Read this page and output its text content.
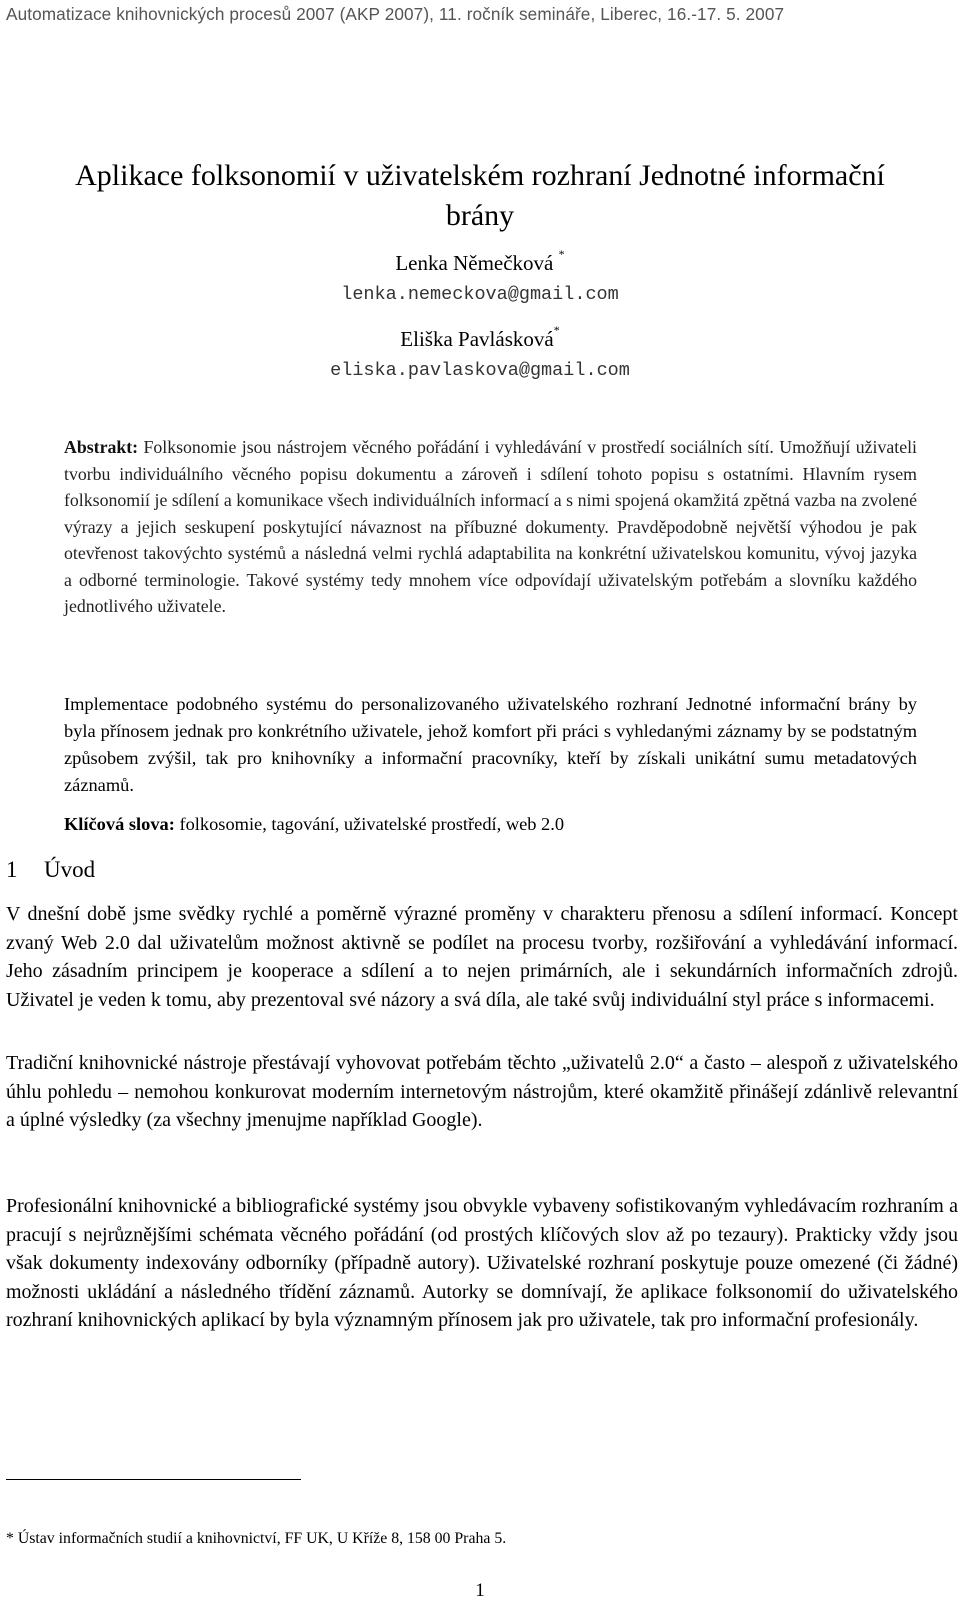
Automatizace knihovnických procesů 2007 (AKP 2007), 11. ročník semináře, Liberec, 16.-17. 5. 2007
Aplikace folksonomií v uživatelském rozhraní Jednotné informační brány
Lenka Němečková *
lenka.nemeckova@gmail.com
Eliška Pavlásková*
eliska.pavlaskova@gmail.com
Abstrakt: Folksonomie jsou nástrojem věcného pořádání i vyhledávání v prostředí sociálních sítí. Umožňují uživateli tvorbu individuálního věcného popisu dokumentu a zároveň i sdílení tohoto popisu s ostatními. Hlavním rysem folksonomií je sdílení a komunikace všech individuálních informací a s nimi spojená okamžitá zpětná vazba na zvolené výrazy a jejich seskupení poskytující návaznost na příbuzné dokumenty. Pravděpodobně největší výhodou je pak otevřenost takovýchto systémů a následná velmi rychlá adaptabilita na konkrétní uživatelskou komunitu, vývoj jazyka a odborné terminologie. Takové systémy tedy mnohem více odpovídají uživatelským potřebám a slovníku každého jednotlivého uživatele.
Implementace podobného systému do personalizovaného uživatelského rozhraní Jednotné informační brány by byla přínosem jednak pro konkrétního uživatele, jehož komfort při práci s vyhledanými záznamy by se podstatným způsobem zvýšil, tak pro knihovníky a informační pracovníky, kteří by získali unikátní sumu metadatových záznamů.
Klíčová slova: folkosomie, tagování, uživatelské prostředí, web 2.0
1 Úvod
V dnešní době jsme svědky rychlé a poměrně výrazné proměny v charakteru přenosu a sdílení informací. Koncept zvaný Web 2.0 dal uživatelům možnost aktivně se podílet na procesu tvorby, rozšiřování a vyhledávání informací. Jeho zásadním principem je kooperace a sdílení a to nejen primárních, ale i sekundárních informačních zdrojů. Uživatel je veden k tomu, aby prezentoval své názory a svá díla, ale také svůj individuální styl práce s informacemi.
Tradiční knihovnické nástroje přestávají vyhovovat potřebám těchto „uživatelů 2.0“ a často – alespoň z uživatelského úhlu pohledu – nemohou konkurovat moderním internetovým nástrojům, které okamžitě přinášejí zdánlivě relevantní a úplné výsledky (za všechny jmenujme například Google).
Profesionální knihovnické a bibliografické systémy jsou obvykle vybaveny sofistikovaným vyhledávacím rozhraním a pracují s nejrůznějšími schémata věcného pořádání (od prostých klíčových slov až po tezaury). Prakticky vždy jsou však dokumenty indexovány odborníky (případně autory). Uživatelské rozhraní poskytuje pouze omezené (či žádné) možnosti ukládání a následného třídění záznamů. Autorky se domnívají, že aplikace folksonomií do uživatelského rozhraní knihovnických aplikací by byla významným přínosem jak pro uživatele, tak pro informační profesionály.
* Ústav informačních studií a knihovnictví, FF UK, U Kříže 8, 158 00 Praha 5.
1
